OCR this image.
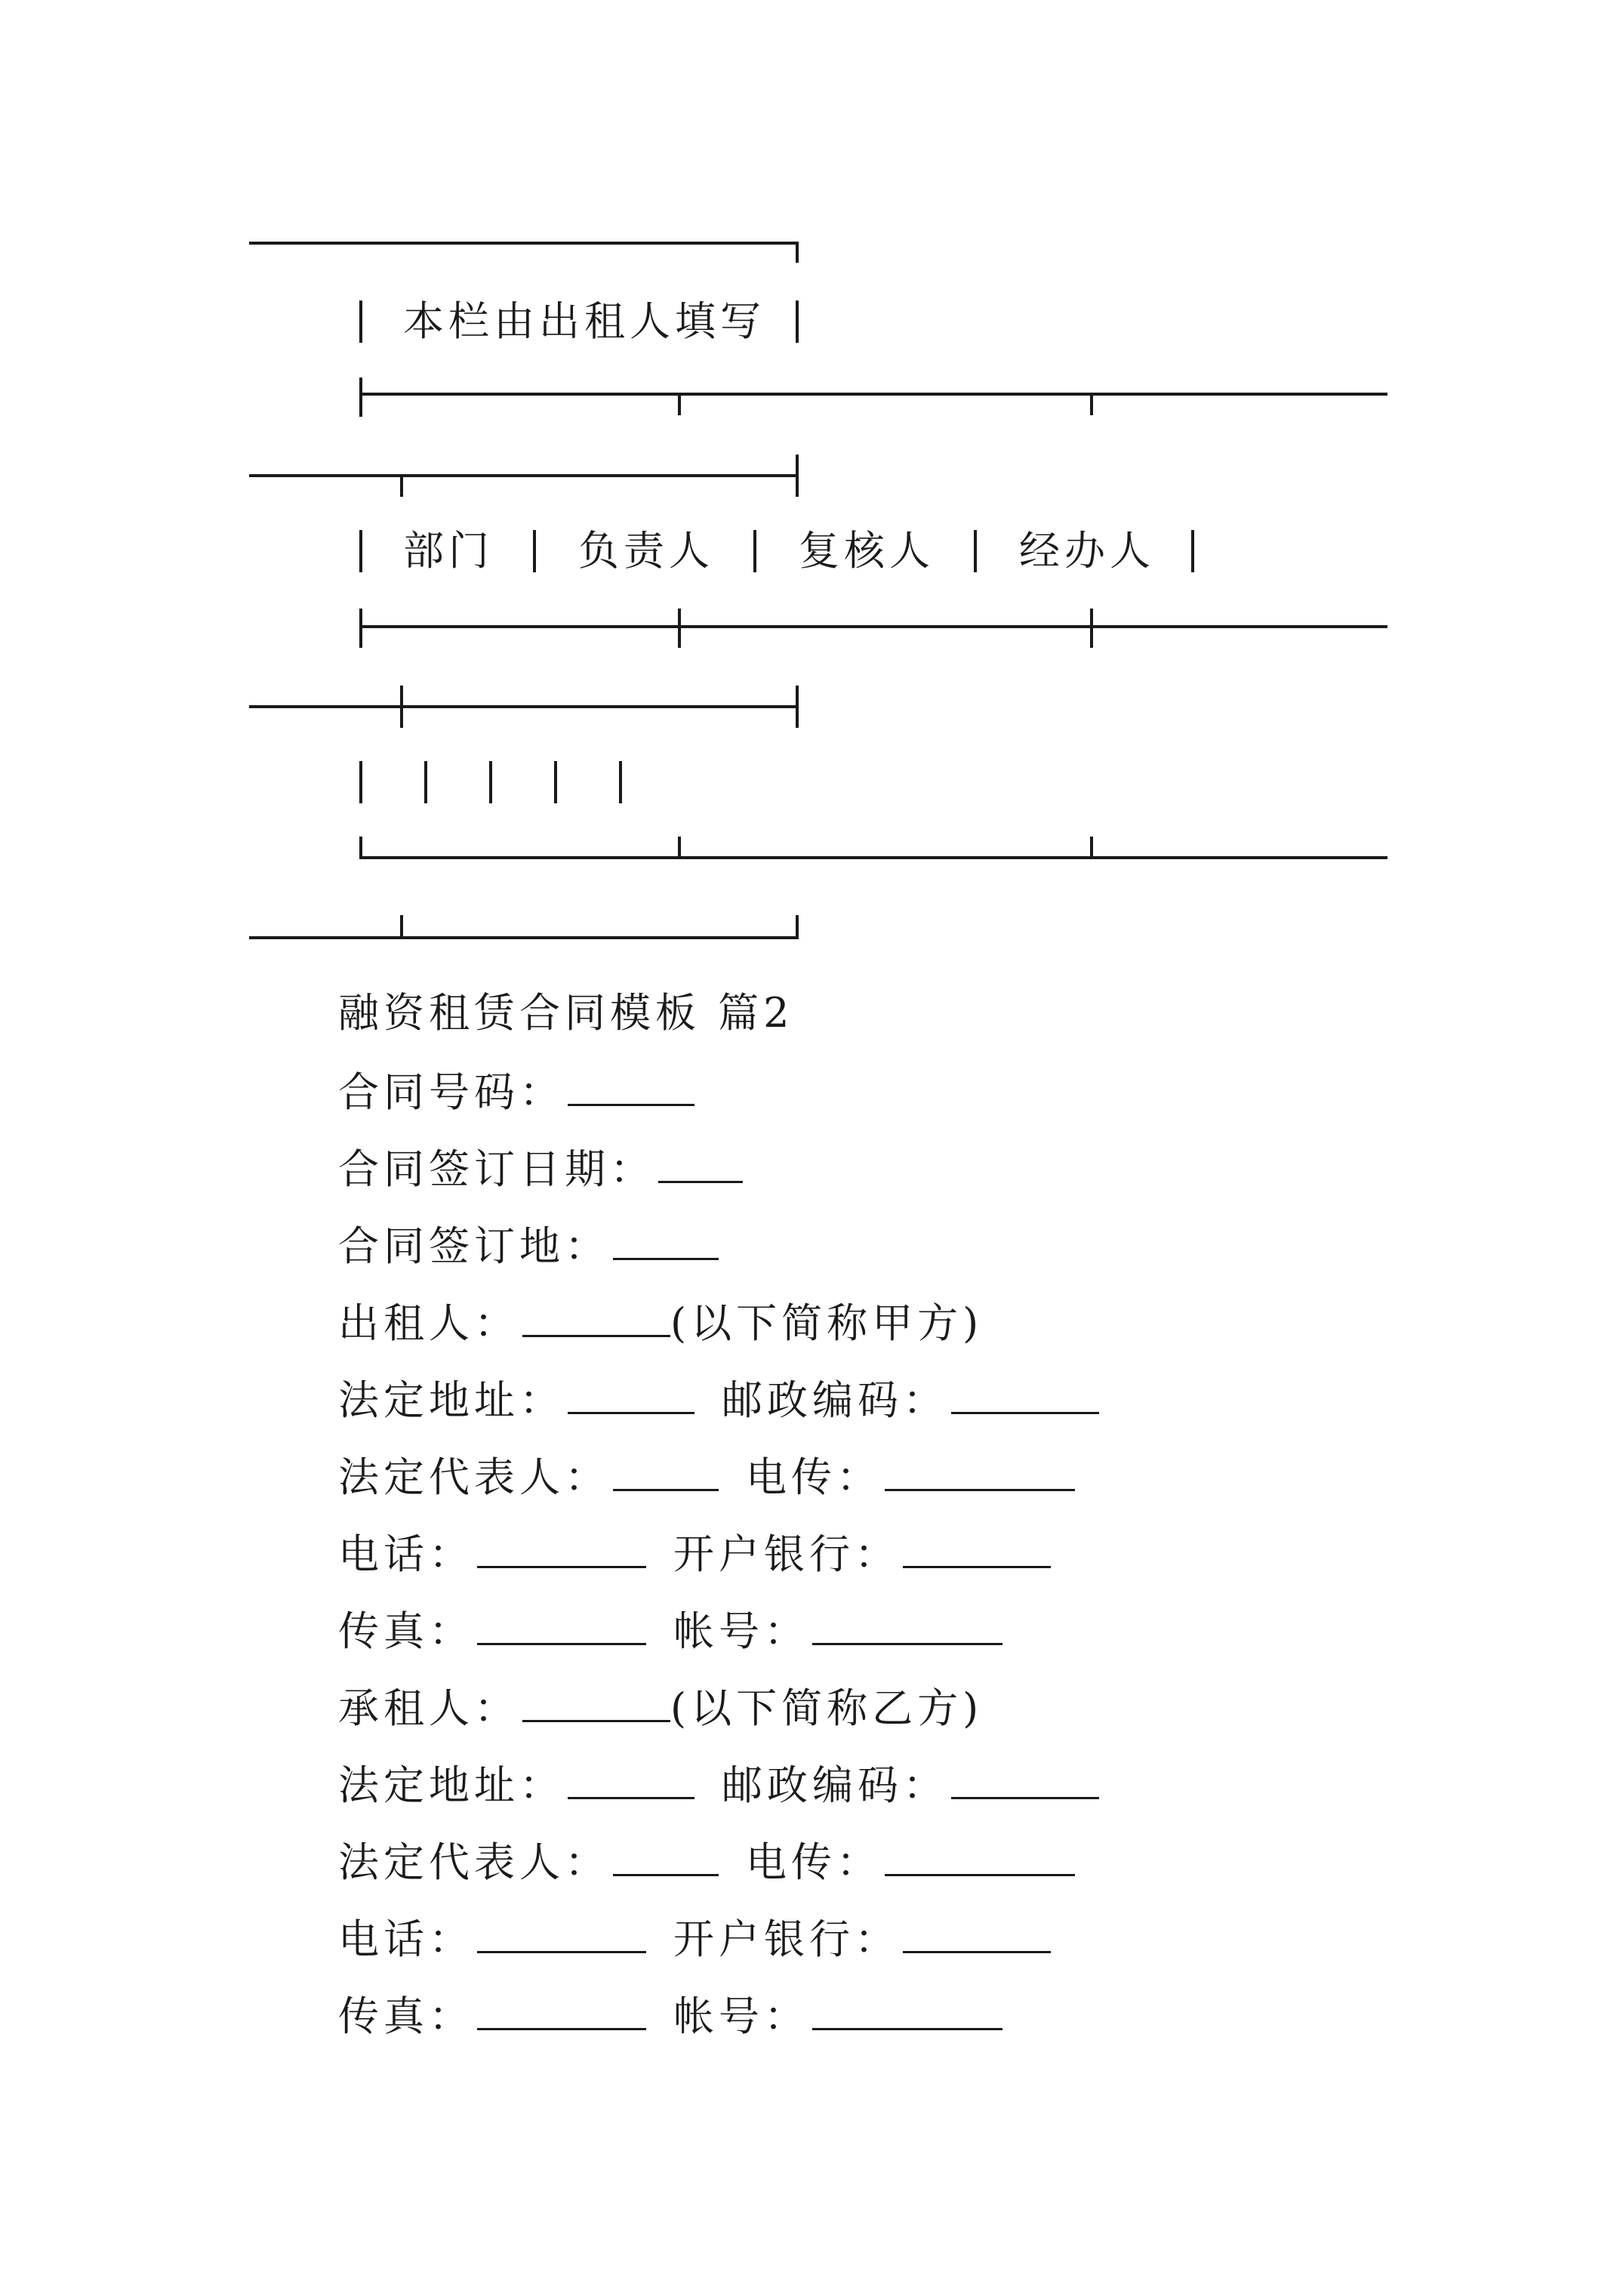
本栏由出租人填写
部门 负责人 复核人 经办人
融资租赁合同模板 篇2
合同号码：
合同签订日期：
合同签订地：
出租人：	(以下简称甲方)
法定地址：	邮政编码：
法定代表人：	电传：
电话：	开户银行：
传真：	帐号：
承租人：	(以下简称乙方)
法定地址：	邮政编码：
法定代表人：	电传：
电话：	开户银行：
传真：	帐号：
